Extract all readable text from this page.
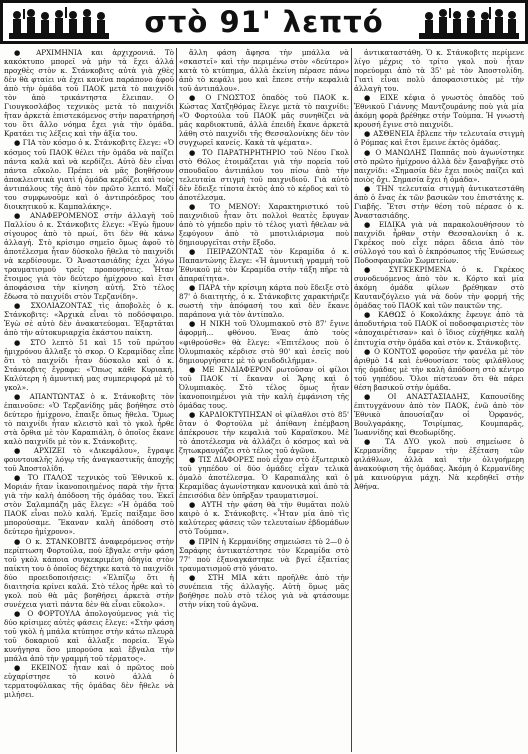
στὸ 91' λεπτό

● ΑΡΧΙΜΗΝΙΑ και ἀρχιχρονιά. Τὸ κακόκτυπο μπορεῖ νὰ μὴν τὰ ἔχει ἀλλά προχθὲς στὸν κ. Στάνκοβιτς αὐτὰ γιὰ χθὲς δὲν θὰ φταίει νὰ ἐχει κανένα παράπονο ἀφοῦ ἀπὸ τὴν ὁμάδα τοῦ ΠΑΟΚ μετὰ τὸ παιχνίδι τὸν ἀπὸ τρικάντηστα ἔλειπαν. Ο Γιουγκοσλάβος τεχνικὸς μετὰ τὸ παιχνίδι ἤταν ἀρκετὰ ἐπιστεκόμενος στὴν παρατήρησή του ὅτι ἄλλο νόημα ἔχει γιὰ τὴν ὁμάδα. Κρατάει τις λέξεις καὶ τὴν ἀξία του.

● ΓΙΑ τὸν κόσμο ὁ κ. Στάνκοβιτς ἔλεγε: «Ὁ κόσμος τοῦ ΠΑΟΚ θέλει τὴν ὁμάδα νὰ παίζει πάντα καλὰ καὶ νὰ κερδίζει. Αὐτὸ δὲν εἶναι πάντα εὔκολο. Πρέπει νὰ μᾶς βοηθήσουν ἀποκλειστικὰ γιατὶ ἡ ὁμάδα κερδίζει καὶ τοὺς ἀντιπάλους τῆς ἀπὸ τὸν πρῶτο λεπτό. Μαζί του συμφωνοῦμε καὶ ὁ ἀντιπρόεδρος του διοικητικοῦ κ. Καμπαλάκης».

● ΑΝΑΦΕΡΟΜΕΝΟΣ στὴν ἀλλαγὴ τοῦ Παλλίου ὁ κ. Στάνκοβιτς ἔλεγε: «Ἐγὼ ἤμουν σίγουρος ἀπὸ τὸ πρωί, ὅτι δὲν θὰ κάνω ἀλλαγή. Στὸ κρίσιμο σημεῖο ὅμως ἀφοῦ τὸ ἀποτέλεσμα ἦταν δύσκολο ἤθελα τὸ παιχνίδι νὰ κερδίσουμε. Ὁ Ἀναστασιάδης ἐχει λόγω τραυματισμοῦ τρεῖς προπονήσεις. Ἦταν ἕτοιμος γιὰ τὸν δεύτερο ἡμίχρονο καὶ ἔτσι ἀποφάσισα τὴν κίνηση αὐτή. Στὸ τέλος ἔδωσα τὸ παιχνίδι στὸν Τερζανίδη».

● ΣΧΟΛΙΑΖΟΝΤΑΣ τὶς ἀποβολὲς ὁ κ. Στάνκοβιτς: «Ἀρχικὰ εἶναι τὸ ποδόσφαιρο. Ἐγὼ σὲ αὐτὸ δὲν ἀνακατεύομαι. Ἐξαρτᾶται ἀπὸ τὴν αὐτοκυριαρχία ἑκάστου παίκτη.

● ΣΤΟ λεπτὸ 51 καὶ 15 τοῦ πρώτου ἡμιχρόνου ἄλλαξε τὸ σκορ. Ο Κεραμίδας εἶπε ὅτι τὸ παιχνίδι ἦταν δύσκολο καὶ ὁ κ. Στάνκοβιτς ἔγραφε: «Ὅπως κάθε Κυριακή. Καλύτερη ἡ ἀμυντική μας συμπεριφορά μὲ τὸ γκολ».

● ΑΠΑΝΤΩΝΤΑΣ ὁ κ. Στάνκοβιτς τὸν ἐπαινοῦσε: «Ὁ Τερζανίδης μᾶς βοήθησε στὸ δεύτερο ἡμίχρονο, ἔπαιξε ὅπως ἤθελα. Ὅμως τὸ παιχνίδι ἦταν κλειστὸ καὶ τὸ γκολ ἦρθε στὰ ὄρθια μὲ τὸν Καραπιάλη, ὁ ὁποῖος ἔκανε καλὸ παιχνίδι μὲ τὸν κ. Στάνκοβιτς.

● ΑΡΧΙΖΕΙ τὸ «Δικεφάλου», ἔγραψε φουντουκλῆς λόγῳ τῆς ἀναγκαστικῆς ἀποχῆς τοῦ Ἀποστολίδη.

● ΤΟ ΙΤΑΛΟΣ τεχνικὸς τοῦ Ἐθνικοῦ κ. Μοριάν ἤταν ἰκανοποιημένος παρὰ τὴν ἥττα γιὰ τὴν καλὴ ἀπόδοση τῆς ὁμάδας του. Ἐκεῖ στὸν Σαλαμπάζη μᾶς ἔλεγε: «Ἡ ὁμάδα τοῦ ΠΑΟΚ εἶναι πολὺ καλή. Ἐμεῖς παίξαμε ὅσο μπορούσαμε. Ἔκαναν καλὴ ἀπόδοση στὸ δεύτερο ἡμίχρονο».

● Ο κ. ΣΤΑΝΚΟΒΙΤΣ ἀναφερόμενος στὴν περίπτωση Φορτούλα, ποὺ ἔβγαλε στὴν φάση τοῦ γκὸλ κάποια συγκεκριμένη ὁδηγία στὸν παίκτη του ὁ ὁποῖος δέχτηκε κατὰ τὸ παιχνίδι δύο προειδοποιήσεις: «Ἐλπίζω ὅτι ἡ διαιτησία κρίνει καλά. Στὸ τέλος ἦρθε καὶ τὸ γκολ ποὺ θὰ μᾶς βοηθήσει ἀρκετὰ στὴν συνέχεια γιατὶ πάντα δὲν θὰ εἶναι εὔκολο».

● Ο ΦΟΡΤΟΥΛΑ ἀπολογούμενος γιὰ τὶς δύο κρίσιμες αὐτὲς φάσεις ἔλεγε: «Στὴν φάση τοῦ γκὸλ ἡ μπάλα κτύπησε στὴν κάτω πλευρὰ τοῦ δοκαριοῦ καὶ ἀλλαξε πορεία. Ἐγὼ κυνήγησα ὅσο μπορούσα καὶ ἔβγαλα τὴν μπάλα ἀπὸ τὴν γραμμή τοῦ τέρματος».

● ΕΚΕΙΝΟΣ ἦταν καὶ ὁ πρῶτος ποὺ εὐχαρίστησε τὸ κοινὸ ἀλλὰ ὁ τερματοφύλακας τῆς ὁμάδας δὲν ἤθελε νὰ μιλήσει.

ἄλλη φάση ἄφησα τὴν μπάλλα νὰ «σκαστεῖ» καὶ τὴν περιμένω στὸν «δεύτερο» κατὰ τὸ κτύπημα, ἀλλὰ ἐκείνη πέρασε πάνω ἀπὸ τὸ κεφάλι μου καὶ ἔπεσε στὴν κεφαλιὰ τοῦ ἀντιπάλου».

● Ο ΓΝΩΣΤΟΣ ὁπαδὸς τοῦ ΠΑΟΚ κ. Κώστας Χατζηθόμας ἔλεγε μετὰ τὸ παιχνίδι: «Ὁ Φορτούλα τοῦ ΠΑΟΚ μᾶς συνηθίζει νὰ μᾶς καρδιοκτυπᾶ, ἀλλὰ ἐπειδὴ ἔκανε ἀρκετὰ λάθη στὸ παιχνίδι τῆς Θεσσαλονίκης δὲν τὸν συγχωρεῖ κανείς. Κακὰ τὰ ψέματα».

● ΤΟ ΠΑΡΑΤΗΡΗΤΗΡΙΟ τοῦ Νέου Γκολ στὸ Θόλος ἐτοιμάζεται γιὰ τὴν πορεία τοῦ σπουδαῖου ἀντιπάλου του πίσω ἀπὸ τὴν τελευταία στιγμὴ τοῦ παιχνιδιοῦ. Γιὰ αὐτὸ δὲν ἔδειξε τίποτα ἐκτὸς ἀπὸ τὸ κέρδος καὶ τὸ ἀποτέλεσμα.

● ΤΟ ΜΕΝΟΥ: Χαρακτηριστικό τοῦ παιχνιδιοῦ ἦταν ὅτι πολλοὶ θεατὲς ἔφυγαν ἀπὸ τὸ γήπεδο πρὶν τὸ τέλος γιατὶ ἤθελαν νὰ ξεφύγουν ἀπὸ τὸ μποτιλιάρισμα ποὺ δημιουργεῖται στὴν ἔξοδο.

● ΠΕΙΡΑΖΟΝΤΑΣ τὸν Κεραμίδα ὁ κ. Παπαντώνης ἔλεγε: «Ἡ ἀμυντικὴ γραμμὴ τοῦ Ἐθνικοῦ μὲ τὸν Κεραμίδα στὴν τάξη πῆρε τὰ ἀπαραίτητα».

● ΠΑΡΑ τὴν κρίσιμη κάρτα ποὺ ἔδειξε στὸ 87' ὁ διαιτητὴς, ὁ κ. Στάνκοβιτς χαρακτήριζε σωστὴ τὴν ἀπόφασή του καὶ δὲν ἔκανε παράπονα γιὰ τὸν ἀντίπαλο.

● Η ΝΙΚΗ τοῦ Ὀλυμπιακοῦ στὸ 87' ἔγινε ἀφορμὴ... φθόνου. Ἐνας ἀπὸ τοὺς «φιθρούσθε» θὰ ἔλεγε: «Ἐπιτέλους ποὺ ὁ Ὀλυμπιακὸς κέρδισε στὸ 90' καὶ ἐσεῖς ποὺ δημιουργήσατε μὲ τὸ ψευδοδιλήμμα».

● ΜΕ ΕΝΔΙΑΦΕΡΟΝ ρωτοῦσαν οἱ φίλοι τοῦ ΠΑΟΚ τί ἔκαναν οἱ Ἄρης καὶ ὁ Ὀλυμπιακὸς. Στὸ τέλος ὅμως ἦταν ἰκανοποιημένοι γιὰ τὴν καλὴ ἐμφάνιση τῆς ὁμάδας τους.

● ΚΑΡΔΙΟΚΤΥΠΗΣΑΝ οἱ φίλαθλοι στὸ 85' ὅταν ὁ Φορτούλα μὲ ἀπίθανη ἐπέμβαση ἀπέκρουσε τὴν κεφαλιὰ τοῦ Καραϊσκου. Μὲ τὸ ἀποτέλεσμα νὰ ἀλλάζει ὁ κόσμος καὶ νὰ ζητωκραυγάζει στὸ τέλος τοῦ ἀγῶνα.

● ΤΙΣ ΔΙΑΦΟΡΕΣ ποὺ εἶχαν στὸ ἐξωτερικὸ τοῦ γηπέδου οἱ δύο ὁμάδες εἶχαν τελικὰ ὁμαλὸ ἀποτέλεσμα. Ὁ Καραπιάλης καὶ ὁ Κεραμίδας ἀγωνίστηκαν κανονικὰ καὶ ἀπὸ τὰ ἐπεισόδια δὲν ὑπῆρξαν τραυματισμοί.

● ΑΥΤΗ τὴν φάση θὰ τὴν θυμᾶται πολὺ καιρὸ ὁ κ. Στάνκοβιτς. «Ἦταν μία ἀπὸ τὶς καλύτερες φάσεις τῶν τελευταίων ἑβδομάδων στὸ Τούμπα».

● ΠΡΙΝ ἡ Κερμανίδης σημειώσει τὸ 2—0 ὁ Σαράφης ἀντικατέστησε τὸν Κεραμίδα στὸ 77' ποὺ ἐξαναγκάστηκε νὰ βγεῖ ἐξαιτίας τραυματισμοῦ στὸ γόνατο.

● ΣΤΗ ΜΙΑ κάτι προῆλθε ἀπὸ τὴν συνέπεια τῆς ἀλλαγῆς. Αὐτὴ ὅμως μᾶς βοήθησε πολὺ στὸ τέλος γιὰ νὰ φτάσουμε στὴν νίκη τοῦ ἀγῶνα.

ἀντικαταστάθη. Ὁ κ. Στάνκοβιτς περίμενε λίγο μέχρις τὸ τρίτο γκολ ποὺ ἦταν πορεύομαι ἀπὸ τὰ 35' μὲ τὸν Ἀποστολίδη. Γιατὶ εἶναι πολὺ ἀποφασιστικὸς μὲ τὴν ἀλλαγὴ του.

● ΕΙΧΕ κέφια ὁ γνωστὸς ὁπαδὸς τοῦ Ἐθνικοῦ Γιάννης Μαντζουράνης ποὺ γιὰ μία ἀκόμη φορὰ βρέθηκε στὴν Τούμπα. Ἡ γνωστὴ κρουσή ἔγινε στὸ παιχνίδι.

● ΑΣΘΕΝΕΙΑ ἔβλεπε τὴν τελευταία στιγμὴ ὁ Ρόμπας καὶ ἔτσι ἔμεινε ἐκτὸς ὁμάδας.

● Ο ΜΑΝΩΛΗΣ Παππᾶς ποὺ ἀγωνίστηκε στὸ πρῶτο ἡμίχρονο ἀλλὰ δὲν ξαναβγῆκε στὸ παιχνίδι: «Σημασία δὲν ἔχει ποιὸς παίζει καὶ ποιὸς ὄχι. Σημασία ἔχει ἡ ὁμάδα».

● ΤΗΝ τελευταία στιγμὴ ἀντικατεστάθη ἀπὸ ὁ ἔνας ἐκ τῶν βασικῶν του ἐπιστάτης κ. Γιαβῆς. Ἔτσι στὴν θέση τοῦ πέρασε ὁ κ. Ἀναστασιάδης.

● ΕΙΔΙΚΑ γιὰ νὰ παρακολουθήσουν τὸ παιχνίδι ἦρθαν στὴν Θεσσαλονίκη ὁ κ. Γκρέκος ποὺ εἶχε πάρει ἄδεια ἀπὸ τὸν σύλλογό του καὶ ὁ ἐκπρόσωπος τῆς Ἐνώσεως Ποδοσφαιρικῶν Σωματείων.

● ΣΥΓΚΕΚΡΙΜΕΝΑ ὁ κ. Γκρέκος συνοδευόμενος ἀπὸ τὸν κ. Κόρτο καὶ μία ἀκόμη ὁμάδα φίλων βρέθηκαν στὸ Καυτανζόγλειο γιὰ νὰ δοῦν τὴν φορμή τῆς ὁμάδας τοῦ ΠΑΟΚ καὶ τῶν παικτῶν της.

● ΚΑΘΩΣ ὁ Κοκολάκης ἔφευγε ἀπὸ τὰ ἀποδυτήρια τοῦ ΠΑΟΚ οἱ ποδοσφαιριστὲς τὸν «ἀποχαιρέτισαν» καὶ ὁ ἴδιος εὐχήθηκε καλὴ ἐπιτυχία στὴν ὁμάδα καὶ στὸν κ. Στάνκοβιτς.

● Ο ΚΟΝΤΟΣ φοροῦσε τὴν φανέλα μὲ τὸν ἀριθμὸ 14 καὶ ἐνθουσίασε τοὺς φιλάθλους τῆς ὁμάδας μὲ τὴν καλὴ ἀπόδοση στὸ κέντρο τοῦ γηπέδου. Ὅλοι πίστευαν ὅτι θὰ πάρει θέση βασικοῦ στὴν ὁμάδα.

● ΟΙ ΑΝΑΣΤΑΣΙΑΔΗΣ, Καπουσίδης ἐπιτυγχάνουν ἀπὸ τὸν ΠΑΟΚ, ἐνῶ ἀπὸ τὸν Ἐθνικὸ ἀπουσίαζαν οἱ Ὀρφανός, Βουλγαράκης, Τσιρίμπας, Κουμπαρᾶς, Ἰωαννίδης καὶ Θεοδωρίδης.

● ΤΑ ΔΥΟ γκολ ποὺ σημείωσε ὁ Κερμανίδης ἔφεραν τὴν ἐξέταση τῶν φιλάθλων, ἀλλὰ καὶ τὴν ὀλιγοήμερη ἀνακούφιση τῆς ὁμάδας. Ἀκόμη ὁ Κερμανίδης μὰ καινούργια μάχη. Νὰ κερδηθεῖ στὴν Ἀθήνα.
